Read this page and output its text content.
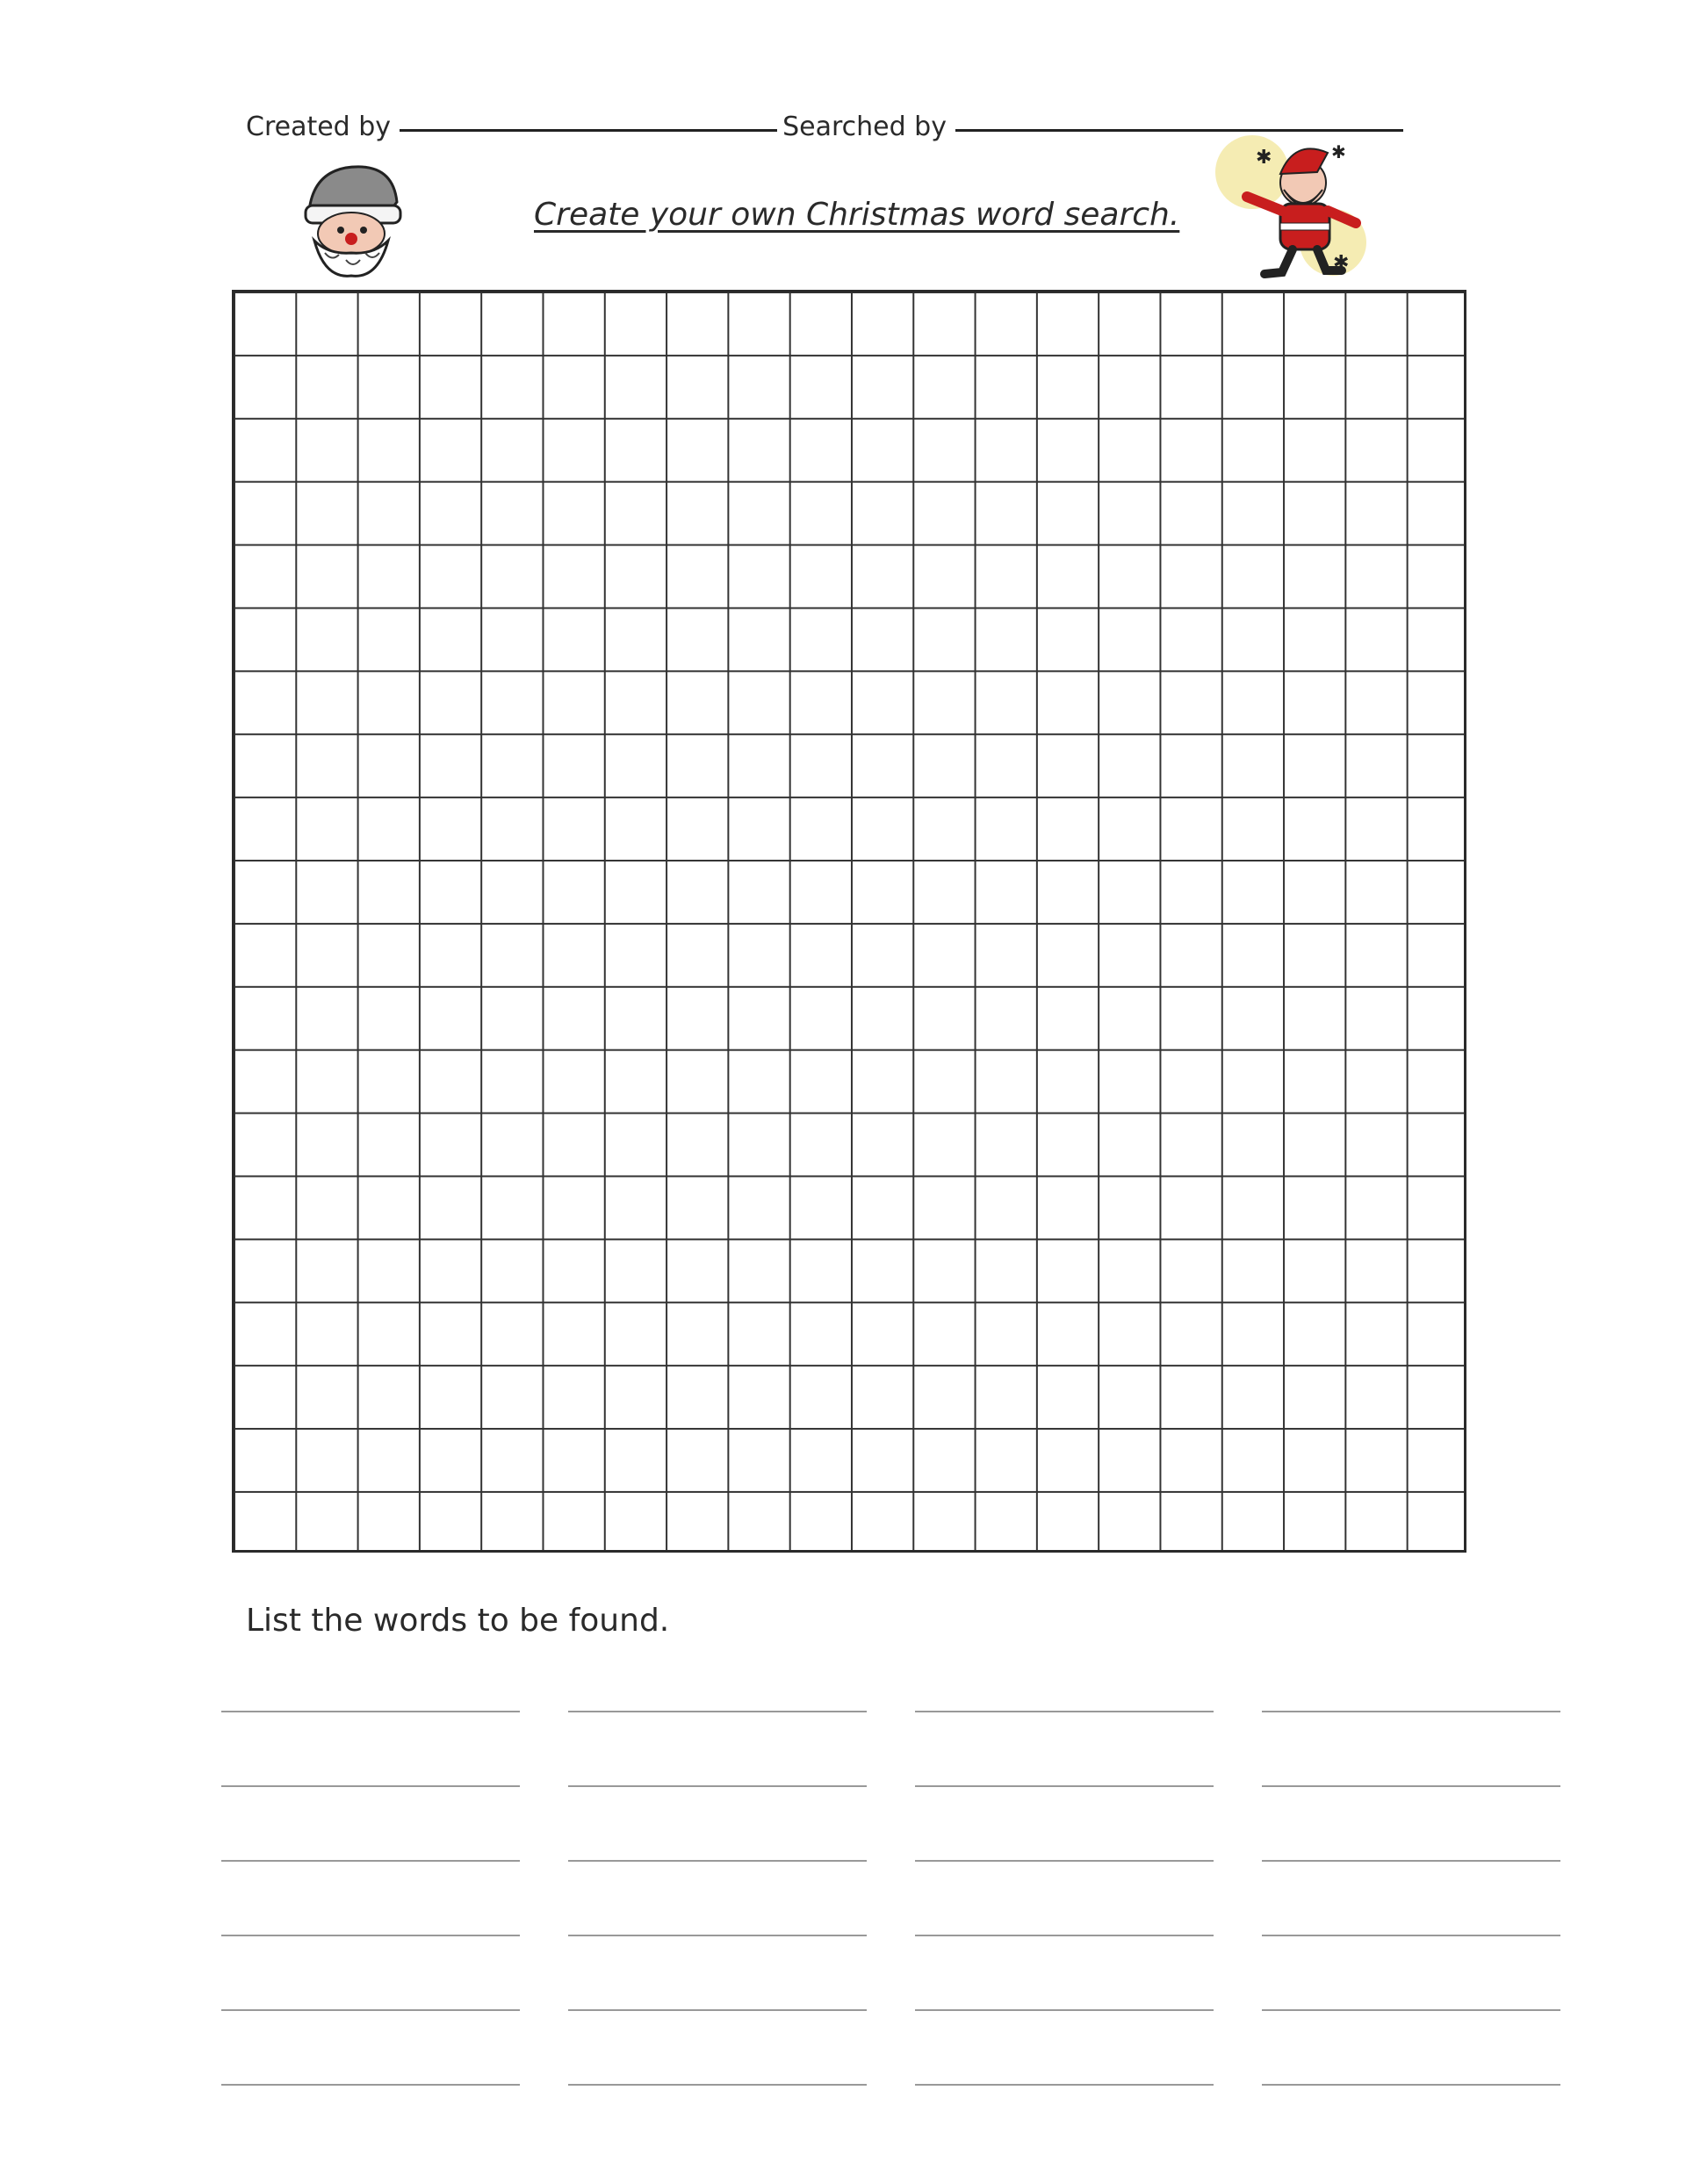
Created by	Searched by
Create your own Christmas word search.
✱	✱
✱
List the words to be found.
